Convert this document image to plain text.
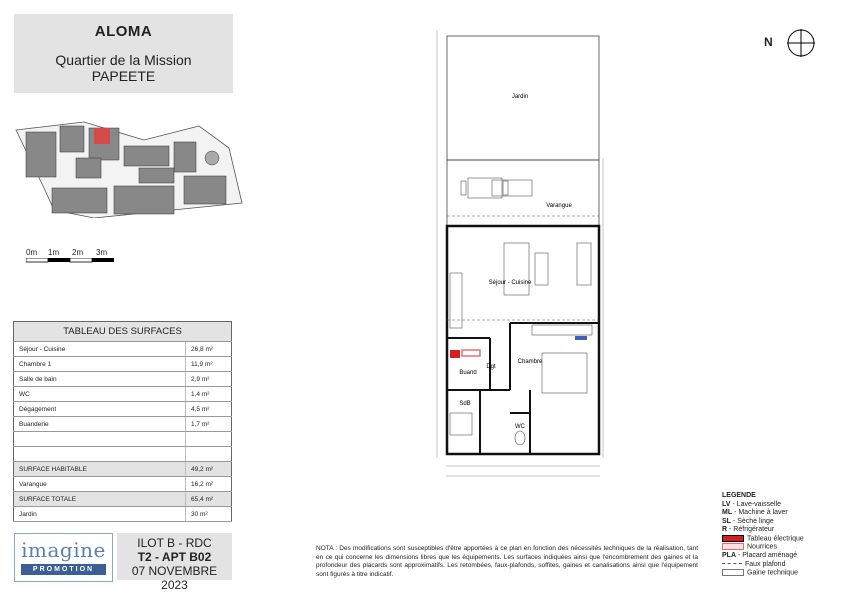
ALOMA
Quartier de la Mission
PAPEETE
0m 1m 2m 3m
TABLEAU DES SURFACES	
Séjour - Cuisine	26,8 m²
Chambre 1	11,9 m²
Salle de bain	2,9 m²
WC	1,4 m²
Dégagement	4,5 m²
Buanderie	1,7 m²

SURFACE HABITABLE	49,2 m²
Varangue	16,2 m²
SURFACE TOTALE	65,4 m²
Jardin	30 m²
imagine
PROMOTION
ILOT B - RDC
T2 - APT B02
07 NOVEMBRE 2023
Jardin
Varangue
Séjour - Cuisine
Chambre
Dgt
Buand
SdB
WC
N
LEGENDE
LV - Lave-vaisselle
ML - Machine à laver
SL - Sèche linge
R - Réfrigérateur
Tableau électrique
Nourrices
PLA - Placard aménagé
Faux plafond
Gaine technique
NOTA : Des modifications sont susceptibles d'être apportées à ce plan en fonction des nécessités techniques de la réalisation, tant en ce qui concerne les dimensions libres que les équipements. Les surfaces indiquées ainsi que l'encombrement des gaines et la profondeur des placards sont approximatifs. Les retombées, faux-plafonds, soffites, gaines et canalisations ainsi que l'équipement sont figurés à titre indicatif.
